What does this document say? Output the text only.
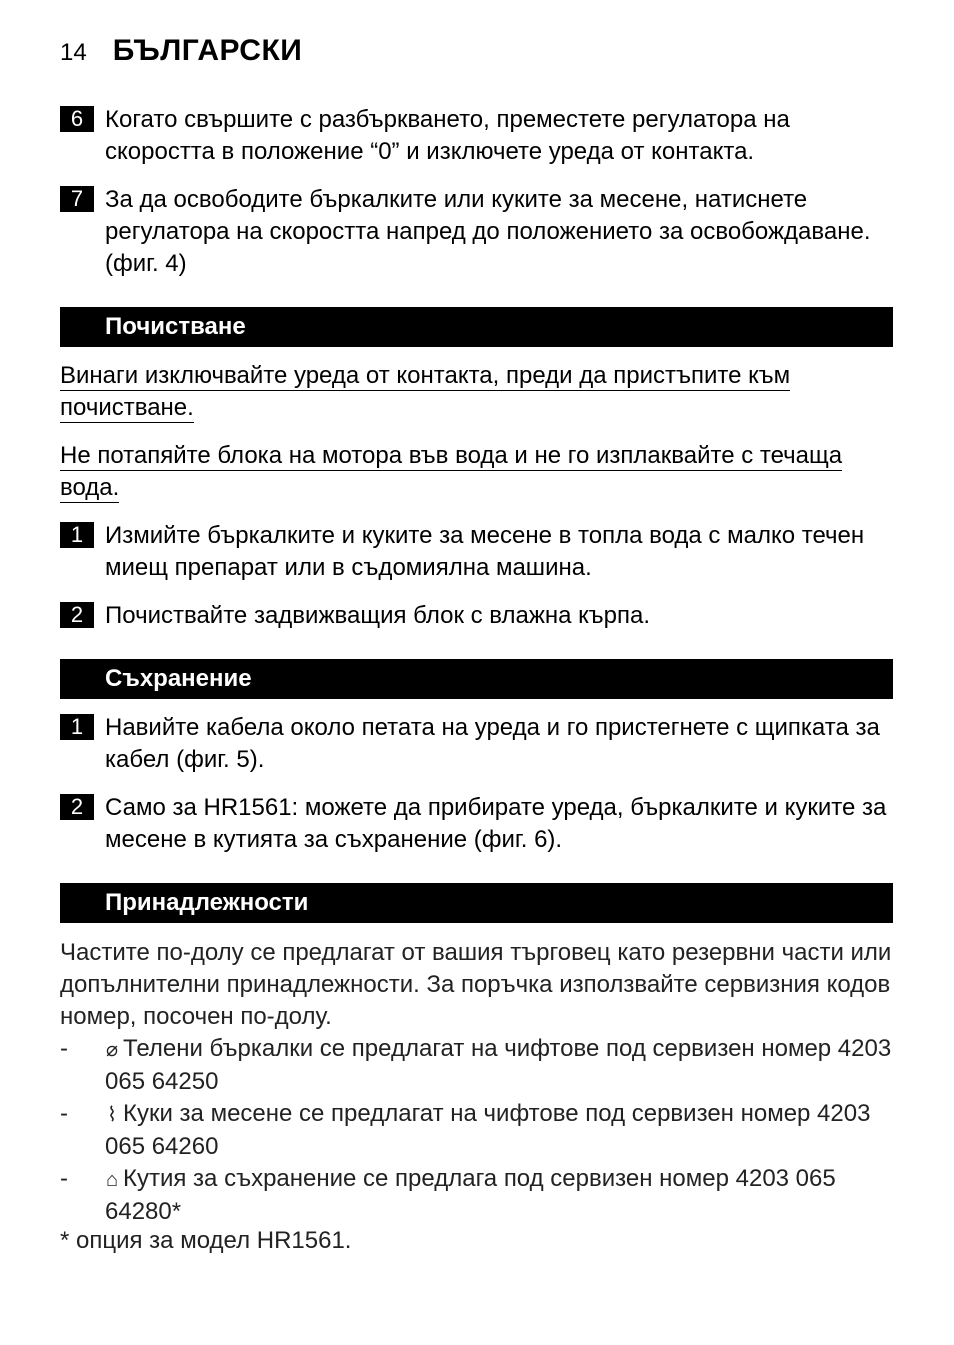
14 БЪЛГАРСКИ
6 Когато свършите с разбъркването, преместете регулатора на скоростта в положение “0” и изключете уреда от контакта.
7 За да освободите бъркалките или куките за месене, натиснете регулатора на скоростта напред до положението за освобождаване. (фиг. 4)
Почистване
Винаги изключвайте уреда от контакта, преди да пристъпите към почистване.
Не потапяйте блока на мотора във вода и не го изплаквайте с течаща вода.
1 Измийте бъркалките и куките за месене в топла вода с малко течен миещ препарат или в съдомиялна машина.
2 Почиствайте задвижващия блок с влажна кърпа.
Съхранение
1 Навийте кабела около петата на уреда и го пристегнете с щипката за кабел (фиг. 5).
2 Само за HR1561: можете да прибирате уреда, бъркалките и куките за месене в кутията за съхранение (фиг. 6).
Принадлежности
Частите по-долу се предлагат от вашия търговец като резервни части или допълнителни принадлежности. За поръчка използвайте сервизния кодов номер, посочен по-долу.
- ⌀ Телени бъркалки се предлагат на чифтове под сервизен номер 4203 065 64250
- ⌇ Куки за месене се предлагат на чифтове под сервизен номер 4203 065 64260
- ⌂ Кутия за съхранение се предлага под сервизен номер 4203 065 64280*
* опция за модел HR1561.
